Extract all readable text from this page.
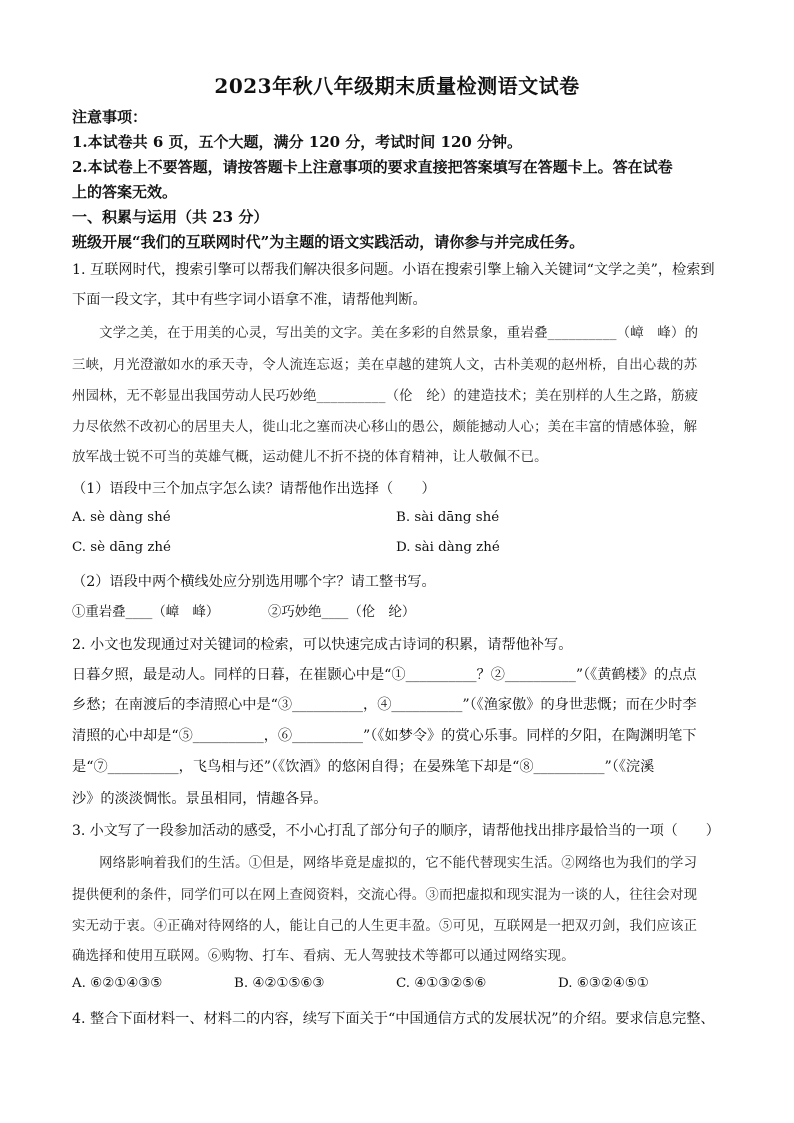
2023年秋八年级期末质量检测语文试卷
注意事项：
1.本试卷共 6 页，五个大题，满分 120 分，考试时间 120 分钟。
2.本试卷上不要答题，请按答题卡上注意事项的要求直接把答案填写在答题卡上。答在试卷
上的答案无效。
一、积累与运用（共 23 分）
班级开展“我们的互联网时代”为主题的语文实践活动，请你参与并完成任务。
1. 互联网时代，搜索引擎可以帮我们解决很多问题。小语在搜索引擎上输入关键词“文学之美”，检索到
下面一段文字，其中有些字词小语拿不准，请帮他判断。
　　文学之美，在于用美的心灵，写出美的文字。美在多彩的自然景象，重岩叠__________（嶂　峰）的
三峡，月光澄澈如水的承天寺，令人流连忘返；美在卓越的建筑人文，古朴美观的赵州桥，自出心裁的苏
州园林，无不彰显出我国劳动人民巧妙绝__________（伦　纶）的建造技术；美在别样的人生之路，筋疲
力尽依然不改初心的居里夫人，徙山北之塞而决心移山的愚公，颇能撼动人心；美在丰富的情感体验，解
放军战士锐不可当的英雄气概，运动健儿不折不挠的体育精神，让人敬佩不已。
（1）语段中三个加点字怎么读？请帮他作出选择（　　）
A. sè dàng shé	B. sài dāng shé
C. sè dāng zhé	D. sài dàng zhé
（2）语段中两个横线处应分别选用哪个字？请工整书写。
①重岩叠____（嶂　峰）	②巧妙绝____（伦　纶）
2. 小文也发现通过对关键词的检索，可以快速完成古诗词的积累，请帮他补写。
日暮夕照，最是动人。同样的日暮，在崔颢心中是“①__________？②__________”（《黄鹤楼》的点点
乡愁；在南渡后的李清照心中是“③__________，④__________”（《渔家傲》的身世悲慨；而在少时李
清照的心中却是“⑤__________，⑥__________”（《如梦令》的赏心乐事。同样的夕阳，在陶渊明笔下
是“⑦__________，飞鸟相与还”（《饮酒》的悠闲自得；在晏殊笔下却是“⑧__________”（《浣溪
沙》的淡淡惆怅。景虽相同，情趣各异。
3. 小文写了一段参加活动的感受，不小心打乱了部分句子的顺序，请帮他找出排序最恰当的一项（　　）
　　网络影响着我们的生活。①但是，网络毕竟是虚拟的，它不能代替现实生活。②网络也为我们的学习
提供便利的条件，同学们可以在网上查阅资料，交流心得。③而把虚拟和现实混为一谈的人，往往会对现
实无动于衷。④正确对待网络的人，能让自己的人生更丰盈。⑤可见，互联网是一把双刃剑，我们应该正
确选择和使用互联网。⑥购物、打车、看病、无人驾驶技术等都可以通过网络实现。
A. ⑥②①④③⑤	B. ④②①⑤⑥③	C. ④①③②⑤⑥	D. ⑥③②④⑤①
4. 整合下面材料一、材料二的内容，续写下面关于“中国通信方式的发展状况”的介绍。要求信息完整、
